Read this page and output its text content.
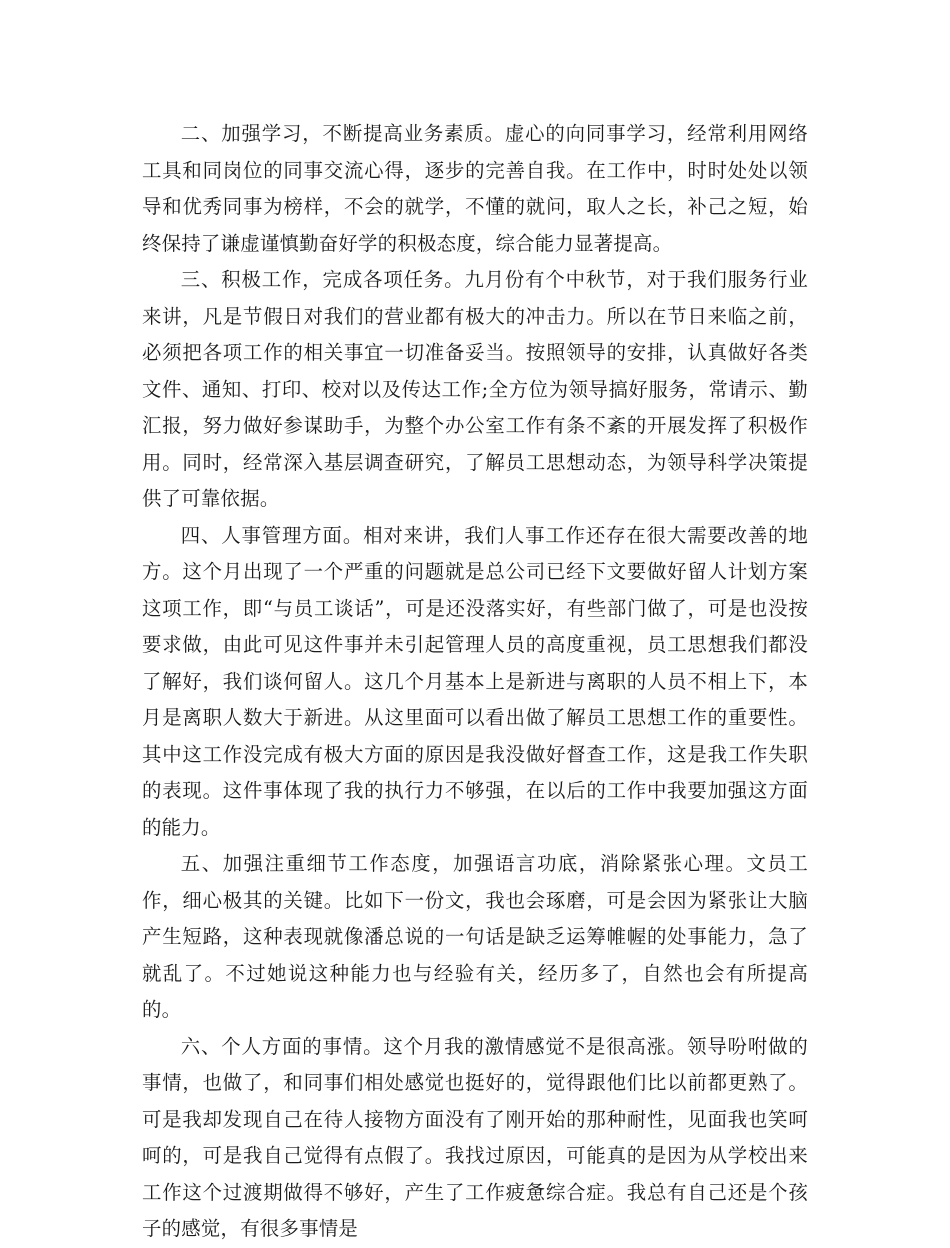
二、加强学习，不断提高业务素质。虚心的向同事学习，经常利用网络工具和同岗位的同事交流心得，逐步的完善自我。在工作中，时时处处以领导和优秀同事为榜样，不会的就学，不懂的就问，取人之长，补己之短，始终保持了谦虚谨慎勤奋好学的积极态度，综合能力显著提高。

三、积极工作，完成各项任务。九月份有个中秋节，对于我们服务行业来讲，凡是节假日对我们的营业都有极大的冲击力。所以在节日来临之前，必须把各项工作的相关事宜一切准备妥当。按照领导的安排，认真做好各类文件、通知、打印、校对以及传达工作;全方位为领导搞好服务，常请示、勤汇报，努力做好参谋助手，为整个办公室工作有条不紊的开展发挥了积极作用。同时，经常深入基层调查研究，了解员工思想动态，为领导科学决策提供了可靠依据。

四、人事管理方面。相对来讲，我们人事工作还存在很大需要改善的地方。这个月出现了一个严重的问题就是总公司已经下文要做好留人计划方案这项工作，即“与员工谈话”，可是还没落实好，有些部门做了，可是也没按要求做，由此可见这件事并未引起管理人员的高度重视，员工思想我们都没了解好，我们谈何留人。这几个月基本上是新进与离职的人员不相上下，本月是离职人数大于新进。从这里面可以看出做了解员工思想工作的重要性。其中这工作没完成有极大方面的原因是我没做好督查工作，这是我工作失职的表现。这件事体现了我的执行力不够强，在以后的工作中我要加强这方面的能力。

五、加强注重细节工作态度，加强语言功底，消除紧张心理。文员工作，细心极其的关键。比如下一份文，我也会琢磨，可是会因为紧张让大脑产生短路，这种表现就像潘总说的一句话是缺乏运筹帷幄的处事能力，急了就乱了。不过她说这种能力也与经验有关，经历多了，自然也会有所提高的。

六、个人方面的事情。这个月我的激情感觉不是很高涨。领导吩咐做的事情，也做了，和同事们相处感觉也挺好的，觉得跟他们比以前都更熟了。可是我却发现自己在待人接物方面没有了刚开始的那种耐性，见面我也笑呵呵的，可是我自己觉得有点假了。我找过原因，可能真的是因为从学校出来工作这个过渡期做得不够好，产生了工作疲惫综合症。我总有自己还是个孩子的感觉，有很多事情是
